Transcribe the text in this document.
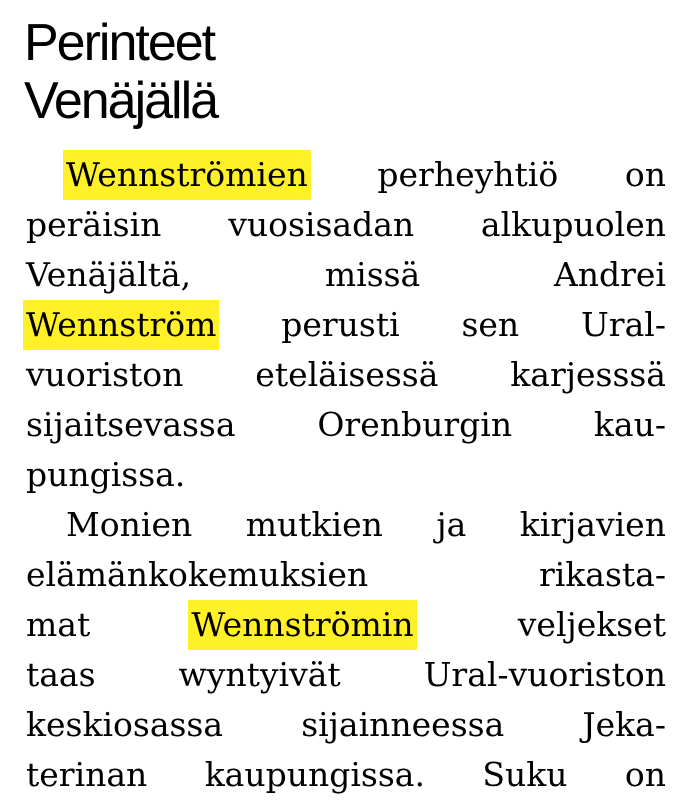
Perinteet
Venäjällä
Wennströmien perheyhtiö on
peräisin vuosisadan alkupuolen
Venäjältä,	missä	Andrei
Wennström perusti sen Ural-
vuoriston eteläisessä karjesssä
sijaitsevassa Orenburgin kau-
pungissa.
Monien mutkien ja kirjavien
elämänkokemuksien	rikasta-
mat	Wennströmin	veljekset
taas	wyntyivät	Ural-vuoriston
keskiosassa sijainneessa Jeka-
terinan kaupungissa. Suku on
